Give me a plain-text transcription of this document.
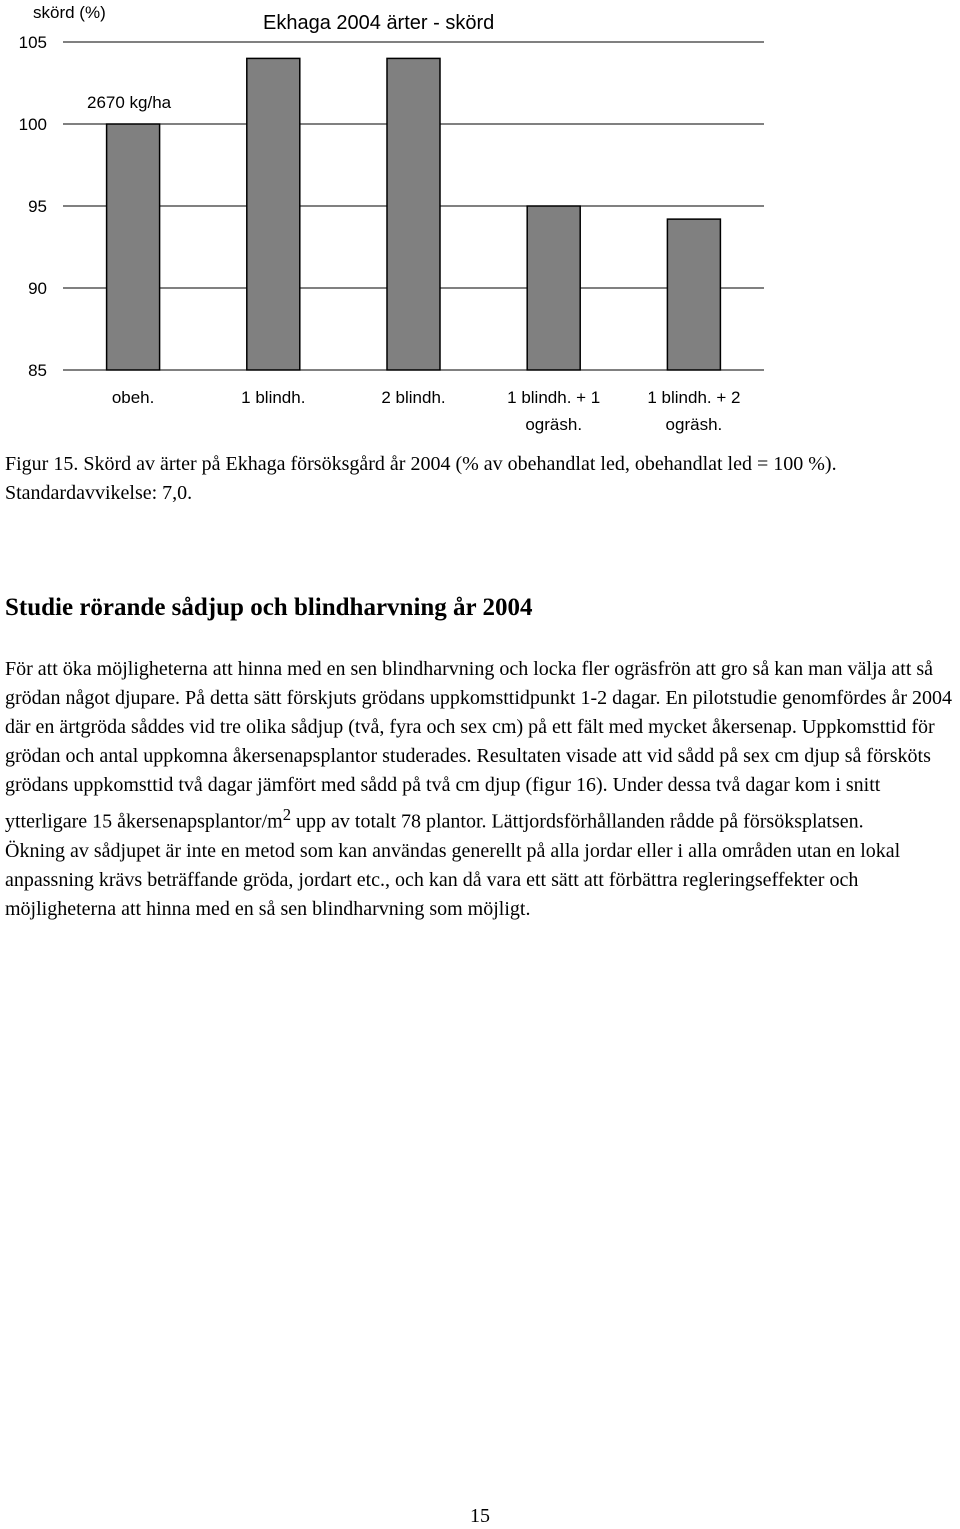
105
100
95
90
85
obeh.	1 blindh.	2 blindh.	1 blindh. + 1
ogräsh.
1 blindh. + 2
ogräsh.
skörd (%)	Ekhaga 2004 ärter - skörd
2670 kg/ha

Figur 15. Skörd av ärter på Ekhaga försöksgård år 2004 (% av obehandlat led, obehandlat led = 100 %). Standardavvikelse: 7,0.

Studie rörande sådjup och blindharvning år 2004

För att öka möjligheterna att hinna med en sen blindharvning och locka fler ogräsfrön att gro så kan man välja att så grödan något djupare. På detta sätt förskjuts grödans uppkomsttidpunkt 1-2 dagar. En pilotstudie genomfördes år 2004 där en ärtgröda såddes vid tre olika sådjup (två, fyra och sex cm) på ett fält med mycket åkersenap. Uppkomsttid för grödan och antal uppkomna åkersenapsplantor studerades. Resultaten visade att vid sådd på sex cm djup så försköts grödans uppkomsttid två dagar jämfört med sådd på två cm djup (figur 16). Under dessa två dagar kom i snitt ytterligare 15 åkersenapsplantor/$m^2$ upp av totalt 78 plantor. Lättjordsförhållanden rådde på försöksplatsen.

Ökning av sådjupet är inte en metod som kan användas generellt på alla jordar eller i alla områden utan en lokal anpassning krävs beträffande gröda, jordart etc., och kan då vara ett sätt att förbättra regleringseffekter och möjligheterna att hinna med en så sen blindharvning som möjligt.

15
